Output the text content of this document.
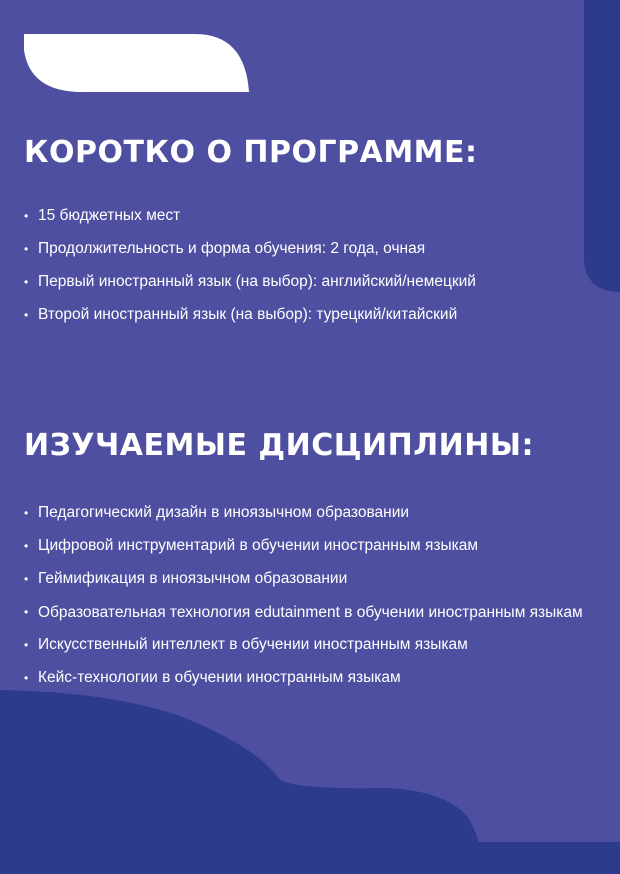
КОРОТКО О ПРОГРАММЕ:
• 15 бюджетных мест
• Продолжительность и форма обучения: 2 года, очная
• Первый иностранный язык (на выбор): английский/немецкий
• Второй иностранный язык (на выбор): турецкий/китайский
ИЗУЧАЕМЫЕ ДИСЦИПЛИНЫ:
• Педагогический дизайн в иноязычном образовании
• Цифровой инструментарий в обучении иностранным языкам
• Геймификация в иноязычном образовании
• Образовательная технология edutainment в обучении иностранным языкам
• Искусственный интеллект в обучении иностранным языкам
• Кейс-технологии в обучении иностранным языкам
